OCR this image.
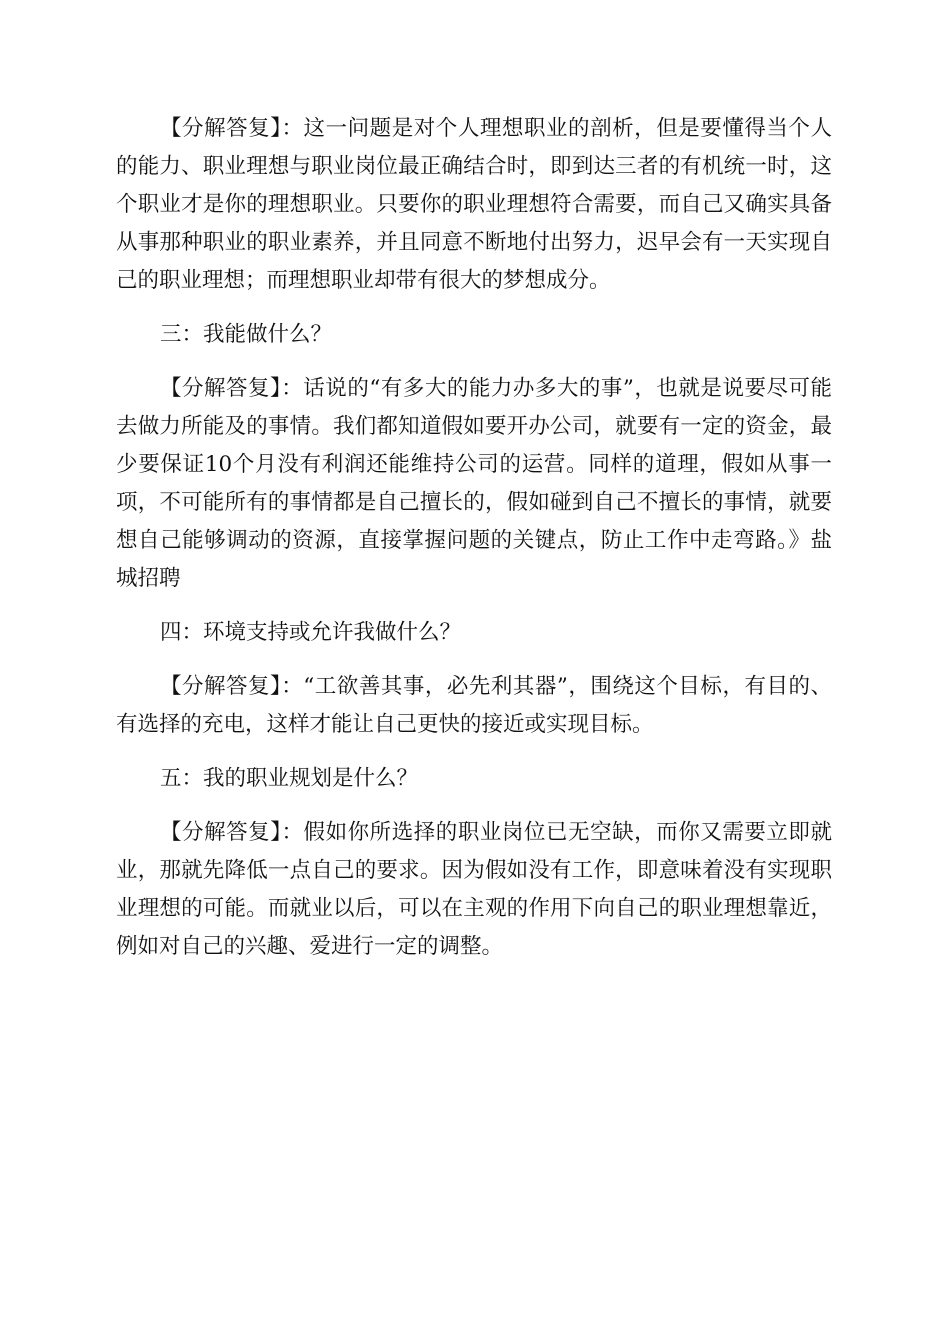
【分解答复】：这一问题是对个人理想职业的剖析，但是要懂得当个人的能力、职业理想与职业岗位最正确结合时，即到达三者的有机统一时，这个职业才是你的理想职业。只要你的职业理想符合需要，而自己又确实具备从事那种职业的职业素养，并且同意不断地付出努力，迟早会有一天实现自己的职业理想；而理想职业却带有很大的梦想成分。

三：我能做什么？

【分解答复】：话说的“有多大的能力办多大的事”，也就是说要尽可能去做力所能及的事情。我们都知道假如要开办公司，就要有一定的资金，最少要保证10个月没有利润还能维持公司的运营。同样的道理，假如从事一项，不可能所有的事情都是自己擅长的，假如碰到自己不擅长的事情，就要想自己能够调动的资源，直接掌握问题的关键点，防止工作中走弯路。》盐城招聘

四：环境支持或允许我做什么？

【分解答复】：“工欲善其事，必先利其器”，围绕这个目标，有目的、有选择的充电，这样才能让自己更快的接近或实现目标。

五：我的职业规划是什么？

【分解答复】：假如你所选择的职业岗位已无空缺，而你又需要立即就业，那就先降低一点自己的要求。因为假如没有工作，即意味着没有实现职业理想的可能。而就业以后，可以在主观的作用下向自己的职业理想靠近，例如对自己的兴趣、爱进行一定的调整。
